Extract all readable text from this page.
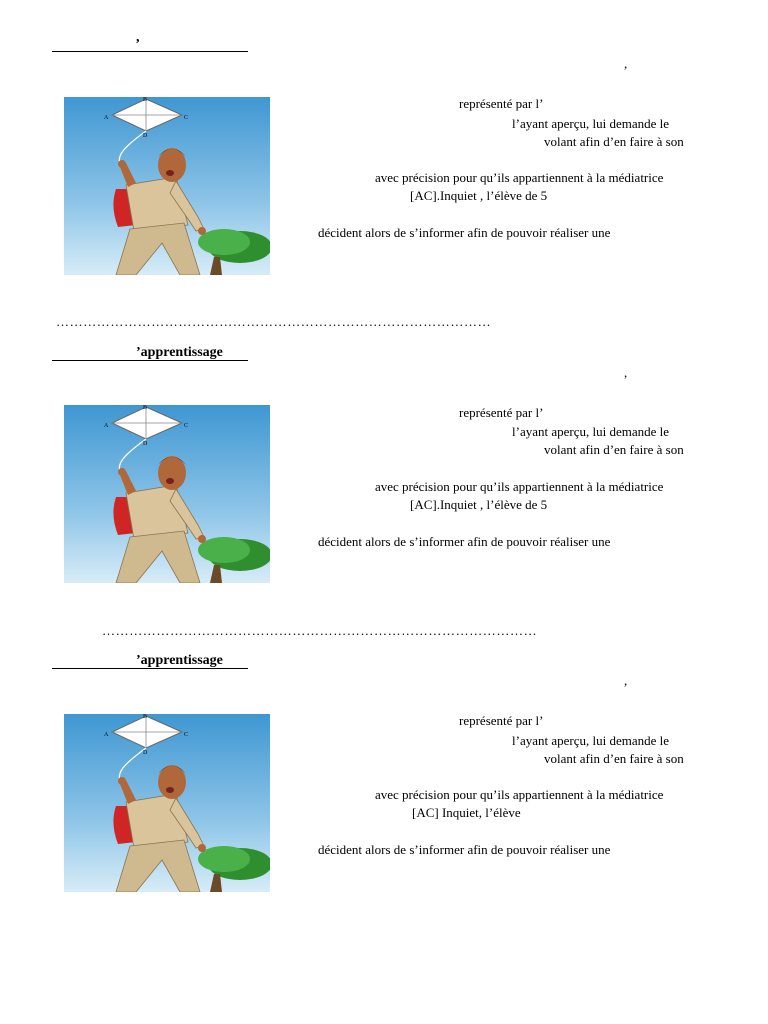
,
,
A
B
C
D
représenté par l’
l’ayant aperçu, lui demande le
volant afin d’en faire à son
avec précision pour qu’ils appartiennent à la médiatrice
[AC].Inquiet , l’élève de 5
décident alors de s’informer afin de pouvoir réaliser une
……………………………………………………………………………………
’apprentissage
,
A
B
C
D
représenté par l’
l’ayant aperçu, lui demande le
volant afin d’en faire à son
avec précision pour qu’ils appartiennent à la médiatrice
[AC].Inquiet , l’élève de 5
décident alors de s’informer afin de pouvoir réaliser une
……………………………………………………………………………………
’apprentissage
,
A
B
C
D
représenté par l’
l’ayant aperçu, lui demande le
volant afin d’en faire à son
avec précision pour qu’ils appartiennent à la médiatrice
[AC] Inquiet, l’élève
décident alors de s’informer afin de pouvoir réaliser une
